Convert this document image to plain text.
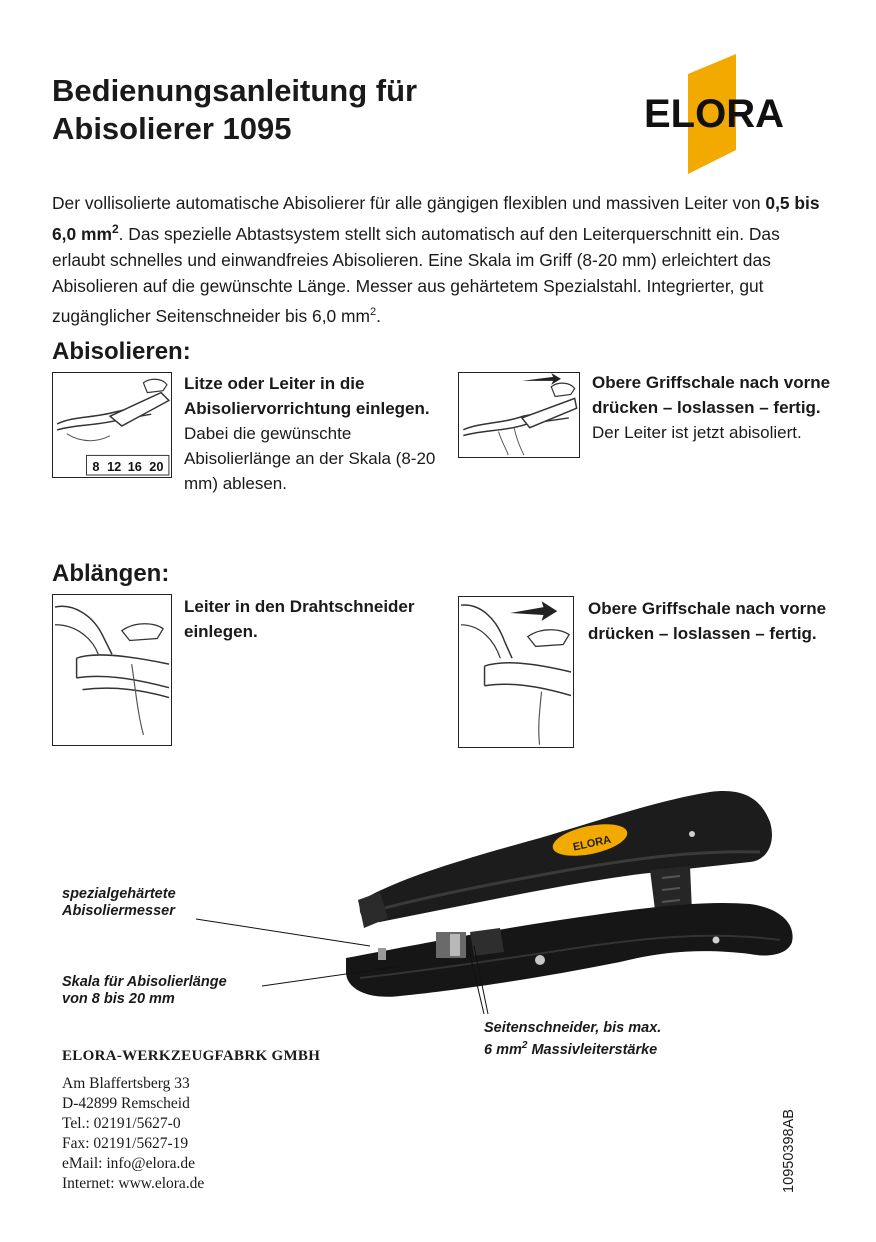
Bedienungsanleitung für
Abisolierer 1095	ELORA

Der vollisolierte automatische Abisolierer für alle gängigen flexiblen und massiven Leiter von 0,5 bis 6,0 $mm^2$. Das spezielle Abtastsystem stellt sich automatisch auf den Leiterquerschnitt ein. Das erlaubt schnelles und einwandfreies Abisolieren. Eine Skala im Griff (8-20 mm) erleichtert das Abisolieren auf die gewünschte Länge. Messer aus gehärtetem Spezialstahl. Integrierter, gut zugänglicher Seitenschneider bis 6,0 $mm^2$.

Abisolieren:
8 12 16 20

Litze oder Leiter in die Abisoliervorrichtung einlegen. Dabei die gewünschte Abisolierlänge an der Skala (8-20 mm) ablesen.

Obere Griffschale nach vorne drücken – loslassen – fertig.
Der Leiter ist jetzt abisoliert.

Ablängen:

Leiter in den Drahtschneider einlegen.

Obere Griffschale nach vorne drücken – loslassen – fertig.

ELORA

spezialgehärtete
Abisoliermesser

Skala für Abisolierlänge
von 8 bis 20 mm

Seitenschneider, bis max.
6 $mm^2$ Massivleiterstärke

ELORA-WERKZEUGFABRK GMBH

Am Blaffertsberg 33
D-42899 Remscheid
Tel.: 02191/5627-0
Fax: 02191/5627-19
eMail: info@elora.de
Internet: www.elora.de	10950398AB
